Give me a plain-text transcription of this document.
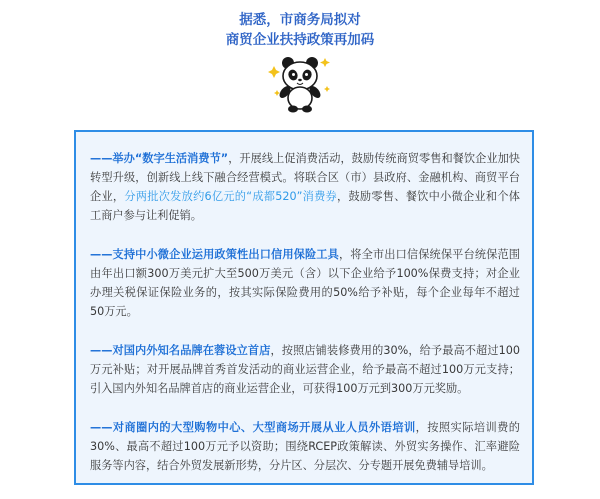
据悉，市商务局拟对
商贸企业扶持政策再加码

——举办“数字生活消费节”，开展线上促消费活动，鼓励传统商贸零售和餐饮企业加快转型升级，创新线上线下融合经营模式。将联合区（市）县政府、金融机构、商贸平台企业，分两批次发放约6亿元的“成都520”消费券，鼓励零售、餐饮中小微企业和个体工商户参与让利促销。

——支持中小微企业运用政策性出口信用保险工具，将全市出口信保统保平台统保范围由年出口额300万美元扩大至500万美元（含）以下企业给予100%保费支持；对企业办理关税保证保险业务的，按其实际保险费用的50%给予补贴，每个企业每年不超过50万元。

——对国内外知名品牌在蓉设立首店，按照店铺装修费用的30%，给予最高不超过100万元补贴；对开展品牌首秀首发活动的商业运营企业，给予最高不超过100万元支持；引入国内外知名品牌首店的商业运营企业，可获得100万元到300万元奖励。

——对商圈内的大型购物中心、大型商场开展从业人员外语培训，按照实际培训费的30%、最高不超过100万元予以资助；围绕RCEP政策解读、外贸实务操作、汇率避险服务等内容，结合外贸发展新形势，分片区、分层次、分专题开展免费辅导培训。
